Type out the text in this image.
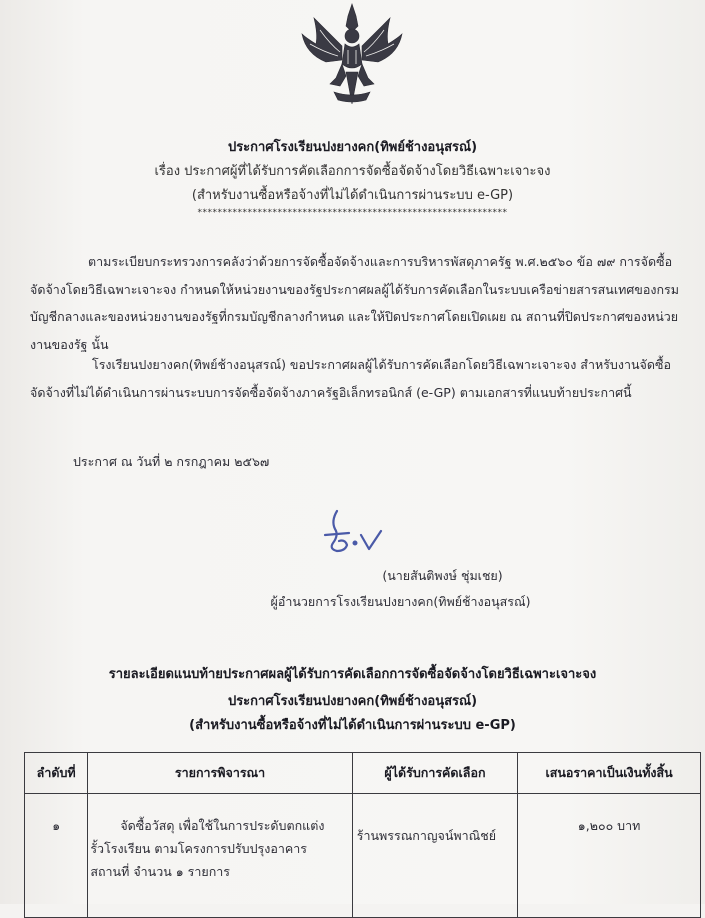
ประกาศโรงเรียนปงยางคก(ทิพย์ช้างอนุสรณ์)
เรื่อง ประกาศผู้ที่ได้รับการคัดเลือกการจัดซื้อจัดจ้างโดยวิธีเฉพาะเจาะจง
(สำหรับงานซื้อหรือจ้างที่ไม่ได้ดำเนินการผ่านระบบ e-GP)
**************************************************************
ตามระเบียบกระทรวงการคลังว่าด้วยการจัดซื้อจัดจ้างและการบริหารพัสดุภาครัฐ พ.ศ.๒๕๖๐ ข้อ ๗๙ การจัดซื้อจัดจ้างโดยวิธีเฉพาะเจาะจง กำหนดให้หน่วยงานของรัฐประกาศผลผู้ได้รับการคัดเลือกในระบบเครือข่ายสารสนเทศของกรมบัญชีกลางและของหน่วยงานของรัฐที่กรมบัญชีกลางกำหนด และให้ปิดประกาศโดยเปิดเผย ณ สถานที่ปิดประกาศของหน่วยงานของรัฐ นั้น
โรงเรียนปงยางคก(ทิพย์ช้างอนุสรณ์) ขอประกาศผลผู้ได้รับการคัดเลือกโดยวิธีเฉพาะเจาะจง สำหรับงานจัดซื้อจัดจ้างที่ไม่ได้ดำเนินการผ่านระบบการจัดซื้อจัดจ้างภาครัฐอิเล็กทรอนิกส์ (e-GP) ตามเอกสารที่แนบท้ายประกาศนี้
ประกาศ ณ วันที่ ๒ กรกฎาคม ๒๕๖๗
(นายสันติพงษ์ ชุ่มเชย)
ผู้อำนวยการโรงเรียนปงยางคก(ทิพย์ช้างอนุสรณ์)
รายละเอียดแนบท้ายประกาศผลผู้ได้รับการคัดเลือกการจัดซื้อจัดจ้างโดยวิธีเฉพาะเจาะจง
ประกาศโรงเรียนปงยางคก(ทิพย์ช้างอนุสรณ์)
(สำหรับงานซื้อหรือจ้างที่ไม่ได้ดำเนินการผ่านระบบ e-GP)
ลำดับที่	รายการพิจารณา	ผู้ได้รับการคัดเลือก	เสนอราคาเป็นเงินทั้งสิ้น
๑	จัดซื้อวัสดุ เพื่อใช้ในการประดับตกแต่ง
รั้วโรงเรียน ตามโครงการปรับปรุงอาคาร
สถานที่ จำนวน ๑ รายการ	ร้านพรรณกาญจน์พาณิชย์	๑,๒๐๐ บาท
